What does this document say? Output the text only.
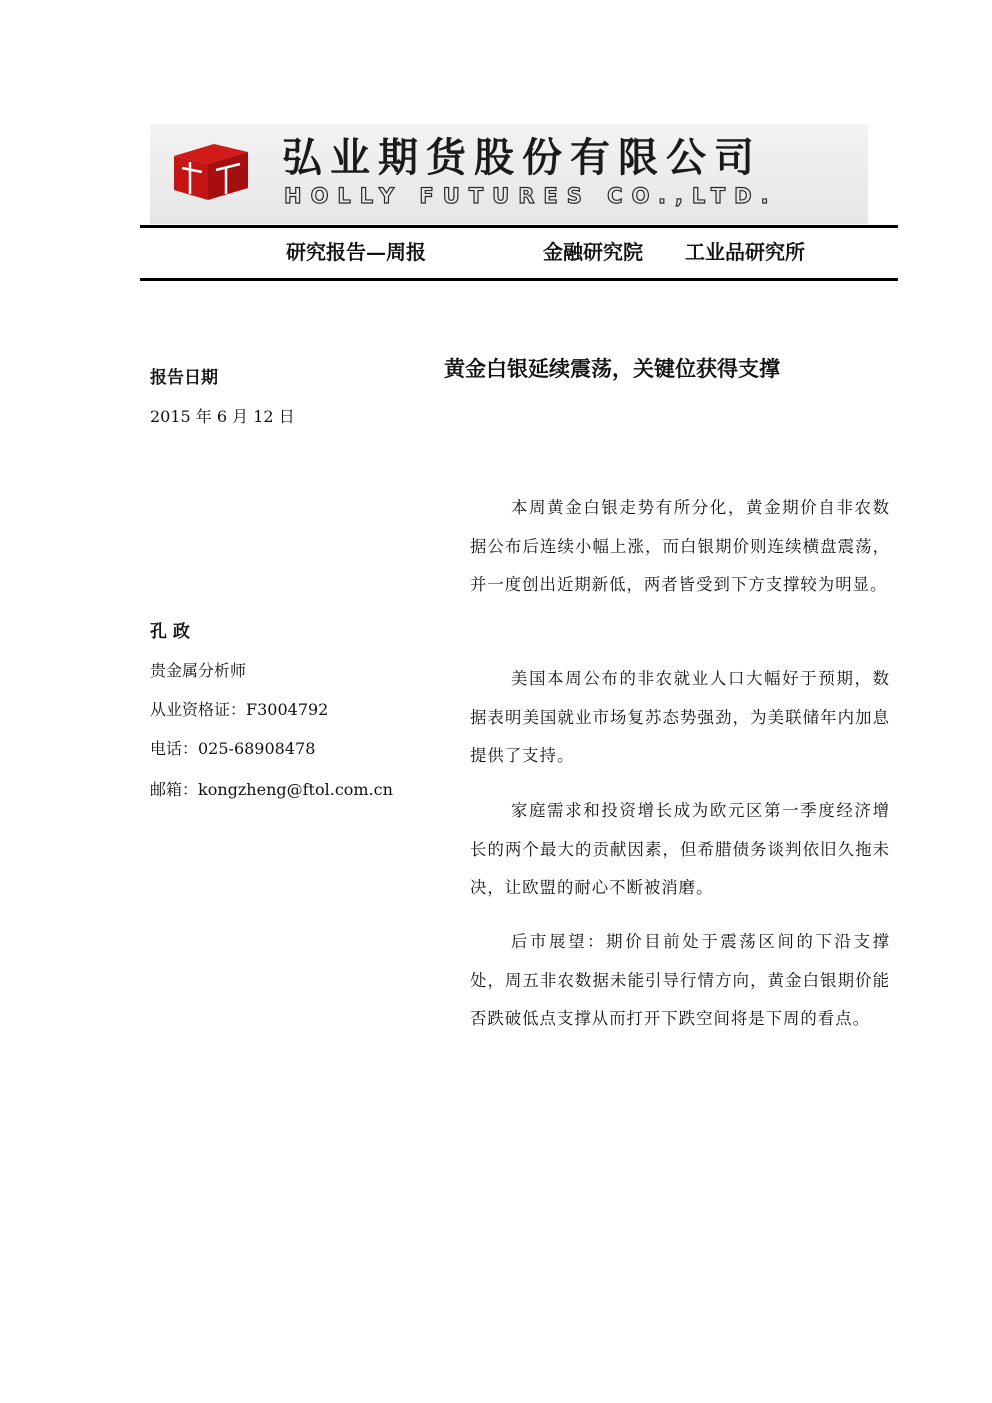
弘业期货股份有限公司
HOLLY FUTURES CO.,LTD.
研究报告—周报	金融研究院 工业品研究所
报告日期
2015 年 6 月 12 日
孔 政
贵金属分析师
从业资格证：F3004792
电话：025-68908478
邮箱：kongzheng@ftol.com.cn
黄金白银延续震荡，关键位获得支撑

本周黄金白银走势有所分化，黄金期价自非农数据公布后连续小幅上涨，而白银期价则连续横盘震荡，并一度创出近期新低，两者皆受到下方支撑较为明显。

美国本周公布的非农就业人口大幅好于预期，数据表明美国就业市场复苏态势强劲，为美联储年内加息提供了支持。

家庭需求和投资增长成为欧元区第一季度经济增长的两个最大的贡献因素，但希腊债务谈判依旧久拖未决，让欧盟的耐心不断被消磨。

后市展望：期价目前处于震荡区间的下沿支撑处，周五非农数据未能引导行情方向，黄金白银期价能否跌破低点支撑从而打开下跌空间将是下周的看点。
